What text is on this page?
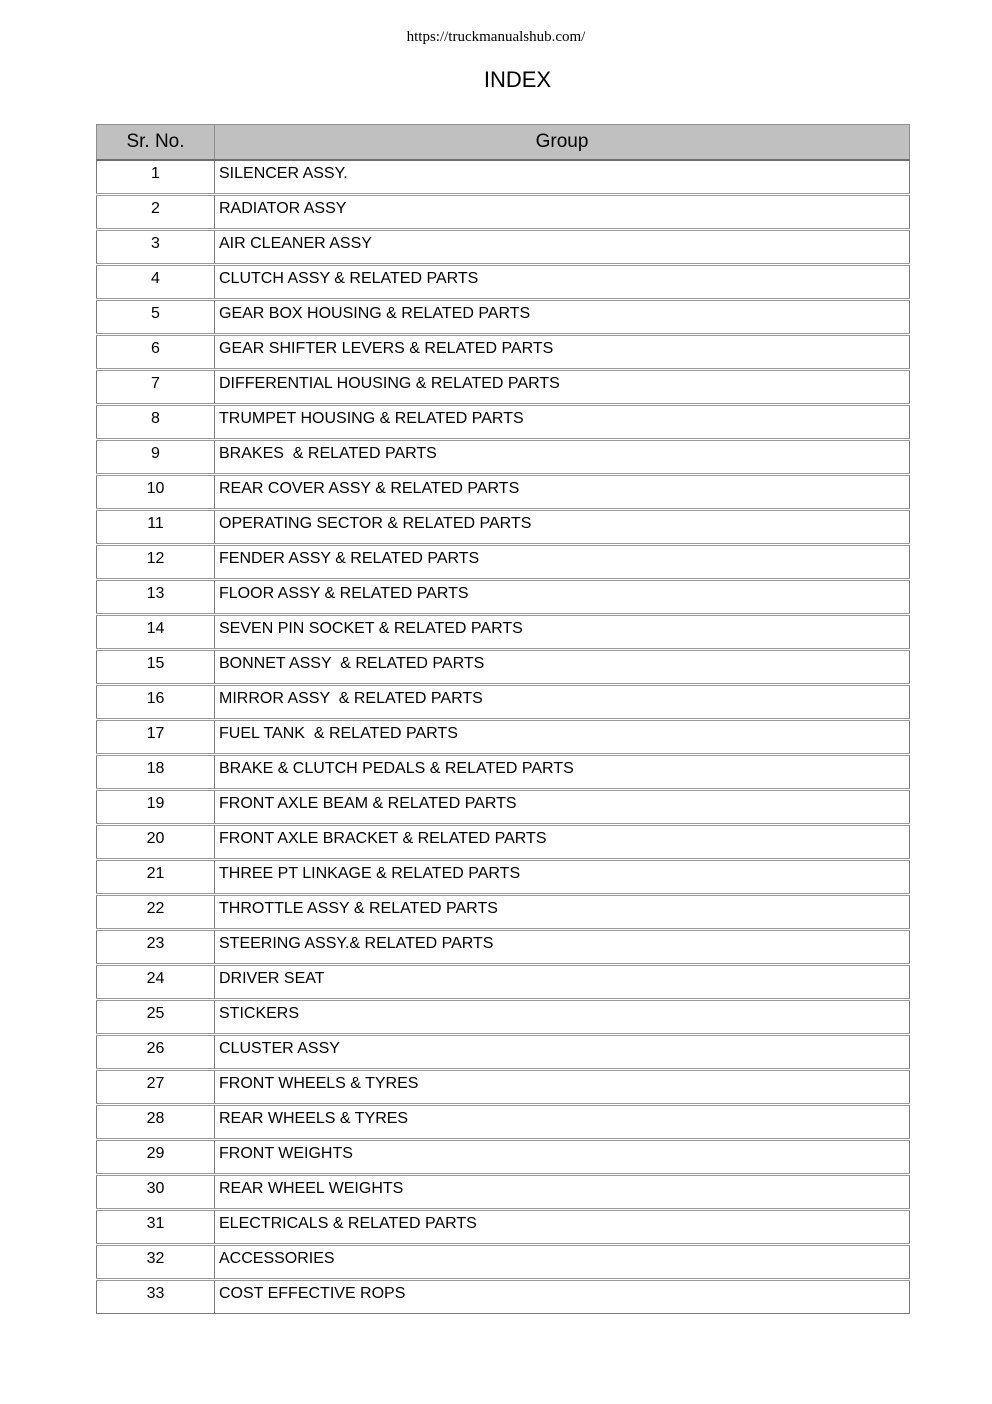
https://truckmanualshub.com/
INDEX
Sr. No.	Group

1	SILENCER ASSY.

2	RADIATOR ASSY

3	AIR CLEANER ASSY

4	CLUTCH ASSY & RELATED PARTS

5	GEAR BOX HOUSING & RELATED PARTS

6	GEAR SHIFTER LEVERS & RELATED PARTS

7	DIFFERENTIAL HOUSING & RELATED PARTS

8	TRUMPET HOUSING & RELATED PARTS

9	BRAKES  & RELATED PARTS

10	REAR COVER ASSY & RELATED PARTS

11	OPERATING SECTOR & RELATED PARTS

12	FENDER ASSY & RELATED PARTS

13	FLOOR ASSY & RELATED PARTS

14	SEVEN PIN SOCKET & RELATED PARTS

15	BONNET ASSY  & RELATED PARTS

16	MIRROR ASSY  & RELATED PARTS

17	FUEL TANK  & RELATED PARTS

18	BRAKE & CLUTCH PEDALS & RELATED PARTS

19	FRONT AXLE BEAM & RELATED PARTS

20	FRONT AXLE BRACKET & RELATED PARTS

21	THREE PT LINKAGE & RELATED PARTS

22	THROTTLE ASSY & RELATED PARTS

23	STEERING ASSY.& RELATED PARTS

24	DRIVER SEAT

25	STICKERS

26	CLUSTER ASSY

27	FRONT WHEELS & TYRES

28	REAR WHEELS & TYRES

29	FRONT WEIGHTS

30	REAR WHEEL WEIGHTS

31	ELECTRICALS & RELATED PARTS

32	ACCESSORIES

33	COST EFFECTIVE ROPS
